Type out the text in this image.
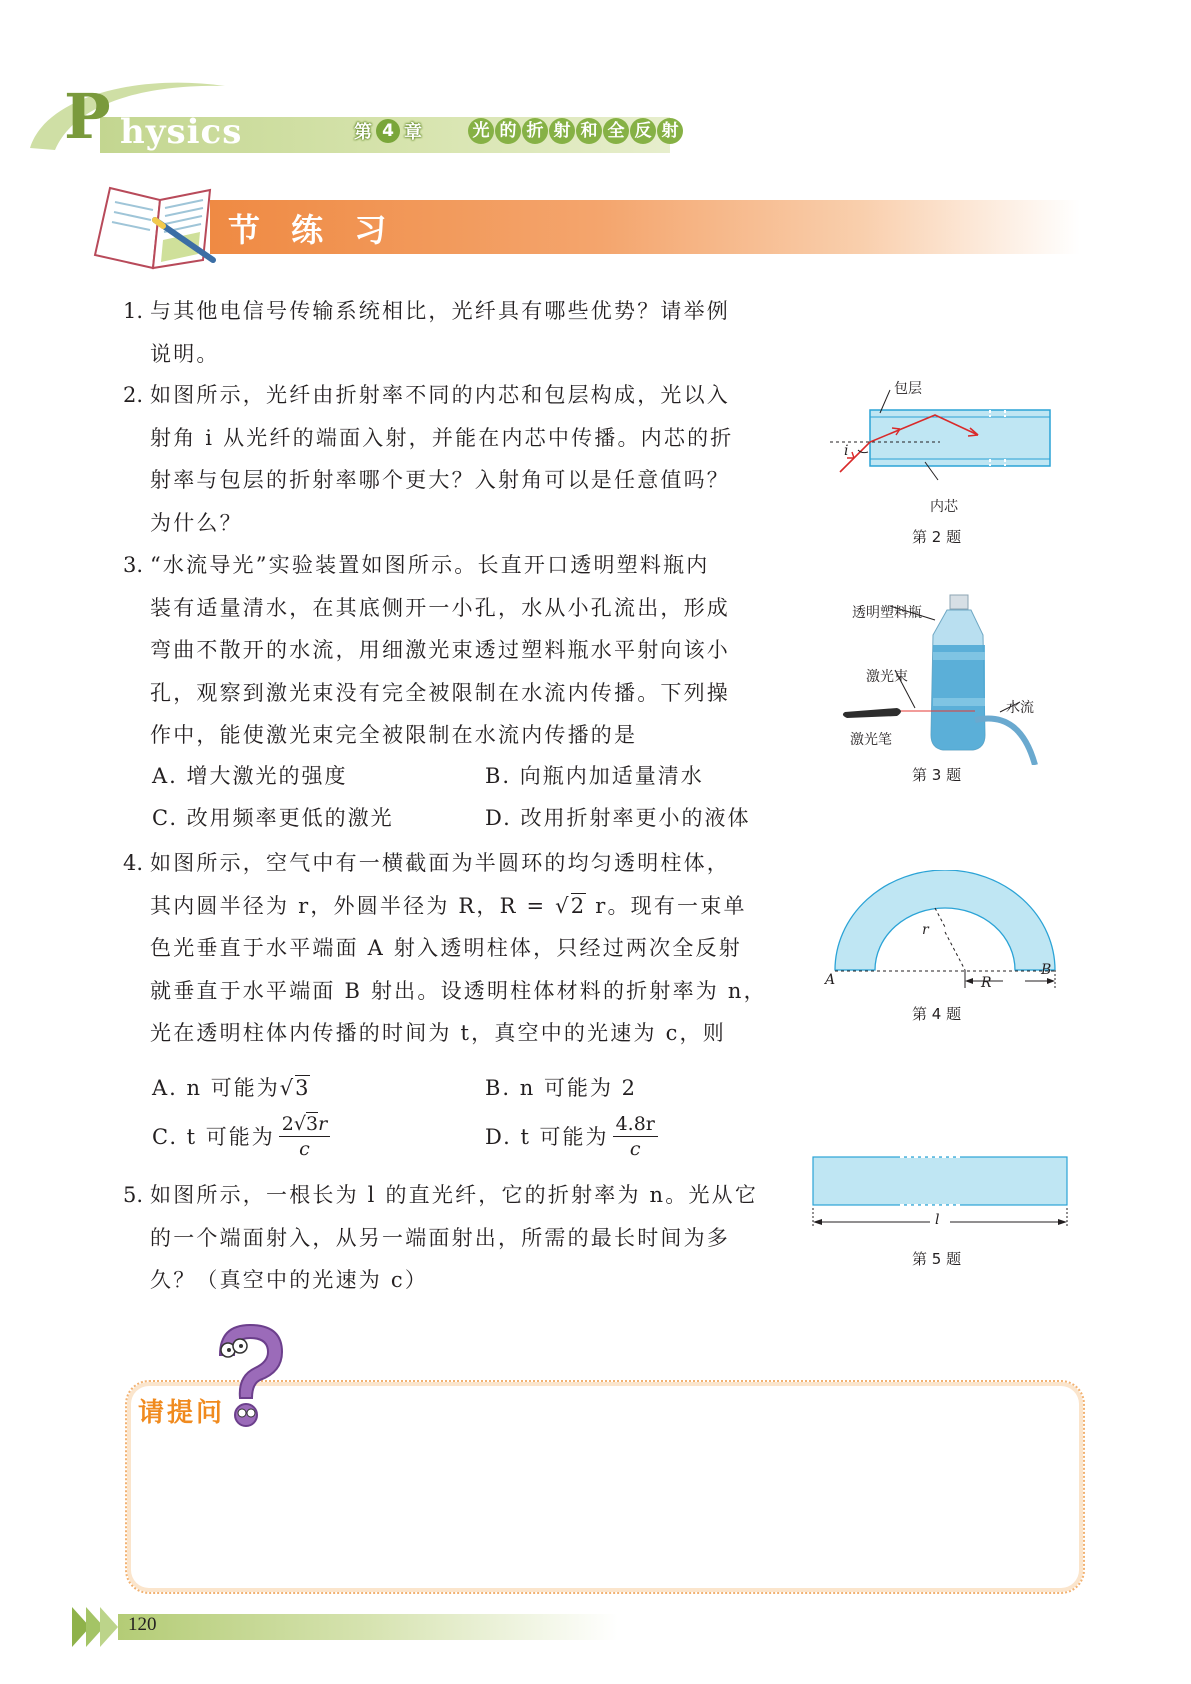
P hysics	第 4 章	光 的 折 射 和 全 反 射
节 练 习
1. 与其他电信号传输系统相比，光纤具有哪些优势？请举例
说明。
2. 如图所示，光纤由折射率不同的内芯和包层构成，光以入
射角 i 从光纤的端面入射，并能在内芯中传播。内芯的折
射率与包层的折射率哪个更大？入射角可以是任意值吗？
为什么？
3. “水流导光”实验装置如图所示。长直开口透明塑料瓶内
装有适量清水，在其底侧开一小孔，水从小孔流出，形成
弯曲不散开的水流，用细激光束透过塑料瓶水平射向该小
孔，观察到激光束没有完全被限制在水流内传播。下列操
作中，能使激光束完全被限制在水流内传播的是
A. 增大激光的强度	B. 向瓶内加适量清水
C. 改用频率更低的激光	D. 改用折射率更小的液体
4. 如图所示，空气中有一横截面为半圆环的均匀透明柱体，
其内圆半径为 r，外圆半径为 R，R = √2 r。现有一束单
色光垂直于水平端面 A 射入透明柱体，只经过两次全反射
就垂直于水平端面 B 射出。设透明柱体材料的折射率为 n，
光在透明柱体内传播的时间为 t，真空中的光速为 c，则
A. n 可能为√3	B. n 可能为 2
C. t 可能为 $\frac{2√3r}{c}$	D. t 可能为 $\frac{4.8r}{c}$
5. 如图所示，一根长为 l 的直光纤，它的折射率为 n。光从它
的一个端面射入，从另一端面射出，所需的最长时间为多
久？（真空中的光速为 c）
包层
内芯
i
第 2 题
透明塑料瓶
激光束
水流
激光笔
第 3 题
r
A
B
R
第 4 题
l
第 5 题
请提问
120
